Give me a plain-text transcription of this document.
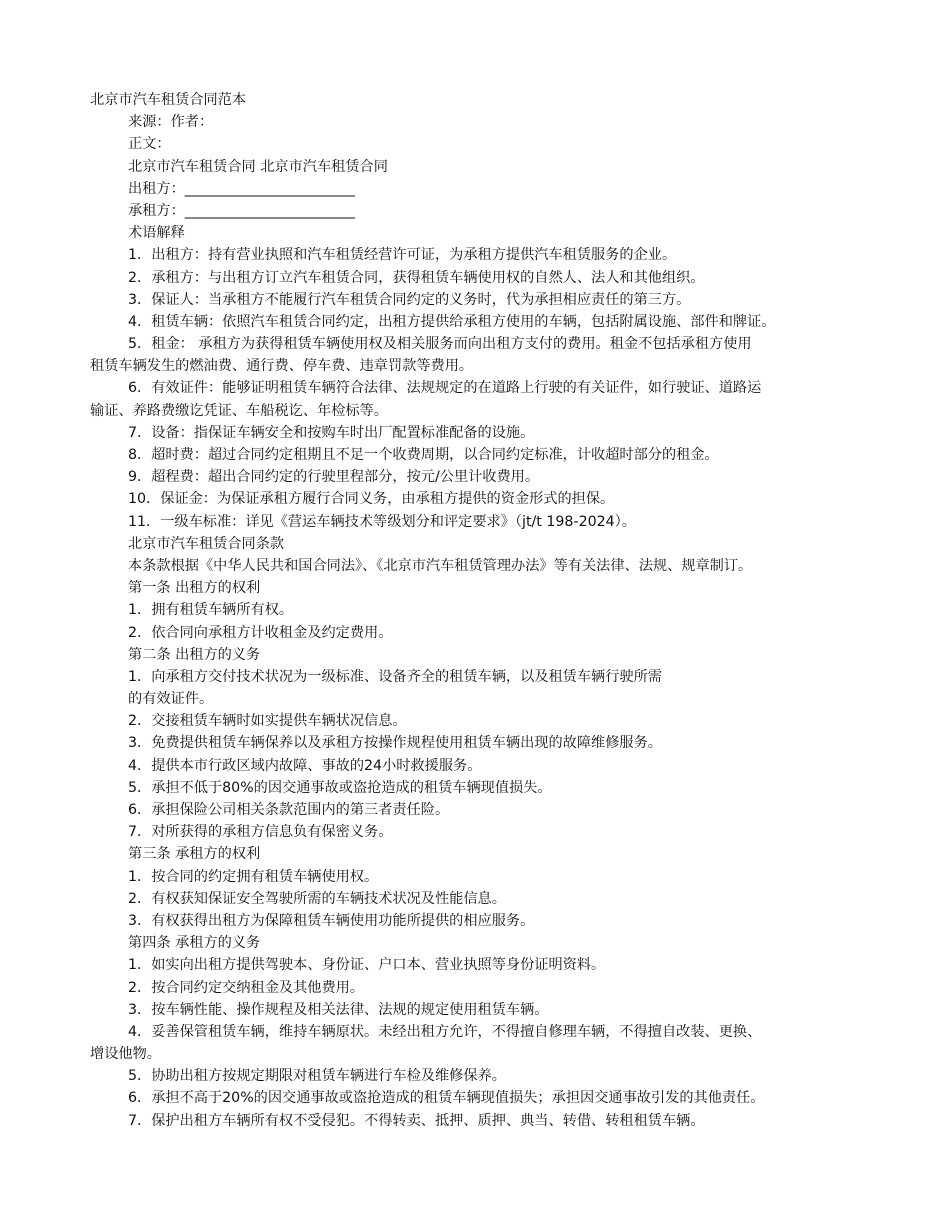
北京市汽车租赁合同范本
来源：作者：
正文：
北京市汽车租赁合同 北京市汽车租赁合同
出租方：________________________
承租方：________________________
术语解释
1．出租方：持有营业执照和汽车租赁经营许可证，为承租方提供汽车租赁服务的企业。
2．承租方：与出租方订立汽车租赁合同，获得租赁车辆使用权的自然人、法人和其他组织。
3．保证人：当承租方不能履行汽车租赁合同约定的义务时，代为承担相应责任的第三方。
4．租赁车辆：依照汽车租赁合同约定，出租方提供给承租方使用的车辆，包括附属设施、部件和牌证。
5．租金： 承租方为获得租赁车辆使用权及相关服务而向出租方支付的费用。租金不包括承租方使用
租赁车辆发生的燃油费、通行费、停车费、违章罚款等费用。
6．有效证件：能够证明租赁车辆符合法律、法规规定的在道路上行驶的有关证件，如行驶证、道路运
输证、养路费缴讫凭证、车船税讫、年检标等。
7．设备：指保证车辆安全和按购车时出厂配置标准配备的设施。
8．超时费：超过合同约定租期且不足一个收费周期，以合同约定标准，计收超时部分的租金。
9．超程费：超出合同约定的行驶里程部分，按元/公里计收费用。
10．保证金：为保证承租方履行合同义务，由承租方提供的资金形式的担保。
11．一级车标准：详见《营运车辆技术等级划分和评定要求》（jt/t 198-2024）。
北京市汽车租赁合同条款
本条款根据《中华人民共和国合同法》、《北京市汽车租赁管理办法》等有关法律、法规、规章制订。
第一条 出租方的权利
1．拥有租赁车辆所有权。
2．依合同向承租方计收租金及约定费用。
第二条 出租方的义务
1．向承租方交付技术状况为一级标准、设备齐全的租赁车辆，以及租赁车辆行驶所需
的有效证件。
2．交接租赁车辆时如实提供车辆状况信息。
3．免费提供租赁车辆保养以及承租方按操作规程使用租赁车辆出现的故障维修服务。
4．提供本市行政区域内故障、事故的24小时救援服务。
5．承担不低于80%的因交通事故或盗抢造成的租赁车辆现值损失。
6．承担保险公司相关条款范围内的第三者责任险。
7．对所获得的承租方信息负有保密义务。
第三条 承租方的权利
1．按合同的约定拥有租赁车辆使用权。
2．有权获知保证安全驾驶所需的车辆技术状况及性能信息。
3．有权获得出租方为保障租赁车辆使用功能所提供的相应服务。
第四条 承租方的义务
1．如实向出租方提供驾驶本、身份证、户口本、营业执照等身份证明资料。
2．按合同约定交纳租金及其他费用。
3．按车辆性能、操作规程及相关法律、法规的规定使用租赁车辆。
4．妥善保管租赁车辆，维持车辆原状。未经出租方允许，不得擅自修理车辆，不得擅自改装、更换、
增设他物。
5．协助出租方按规定期限对租赁车辆进行车检及维修保养。
6．承担不高于20%的因交通事故或盗抢造成的租赁车辆现值损失；承担因交通事故引发的其他责任。
7．保护出租方车辆所有权不受侵犯。不得转卖、抵押、质押、典当、转借、转租租赁车辆。
